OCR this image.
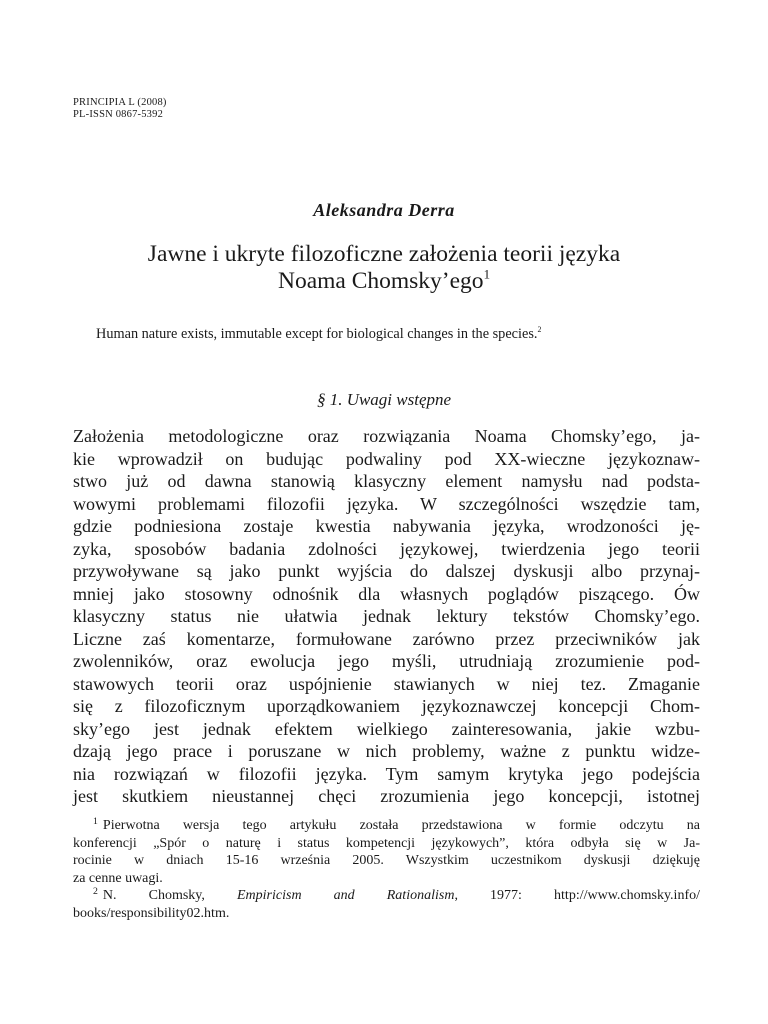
PRINCIPIA L (2008)
PL-ISSN 0867-5392
Aleksandra Derra
Jawne i ukryte filozoficzne założenia teorii języka
Noama Chomsky’ego$^1$
Human nature exists, immutable except for biological changes in the species.$^2$
§ 1. Uwagi wstępne
Założenia metodologiczne oraz rozwiązania Noama Chomsky’ego, ja-
kie wprowadził on budując podwaliny pod XX-wieczne językoznaw-
stwo już od dawna stanowią klasyczny element namysłu nad podsta-
wowymi problemami filozofii języka. W szczególności wszędzie tam,
gdzie podniesiona zostaje kwestia nabywania języka, wrodzoności ję-
zyka, sposobów badania zdolności językowej, twierdzenia jego teorii
przywoływane są jako punkt wyjścia do dalszej dyskusji albo przynaj-
mniej jako stosowny odnośnik dla własnych poglądów piszącego. Ów
klasyczny status nie ułatwia jednak lektury tekstów Chomsky’ego.
Liczne zaś komentarze, formułowane zarówno przez przeciwników jak
zwolenników, oraz ewolucja jego myśli, utrudniają zrozumienie pod-
stawowych teorii oraz uspójnienie stawianych w niej tez. Zmaganie
się z filozoficznym uporządkowaniem językoznawczej koncepcji Chom-
sky’ego jest jednak efektem wielkiego zainteresowania, jakie wzbu-
dzają jego prace i poruszane w nich problemy, ważne z punktu widze-
nia rozwiązań w filozofii języka. Tym samym krytyka jego podejścia
jest skutkiem nieustannej chęci zrozumienia jego koncepcji, istotnej
$^1$ Pierwotna wersja tego artykułu została przedstawiona w formie odczytu na
konferencji „Spór o naturę i status kompetencji językowych”, która odbyła się w Ja-
rocinie w dniach 15-16 września 2005. Wszystkim uczestnikom dyskusji dziękuję
za cenne uwagi.
$^2$ N. Chomsky, Empiricism and Rationalism, 1977: http://www.chomsky.info/
books/responsibility02.htm.
